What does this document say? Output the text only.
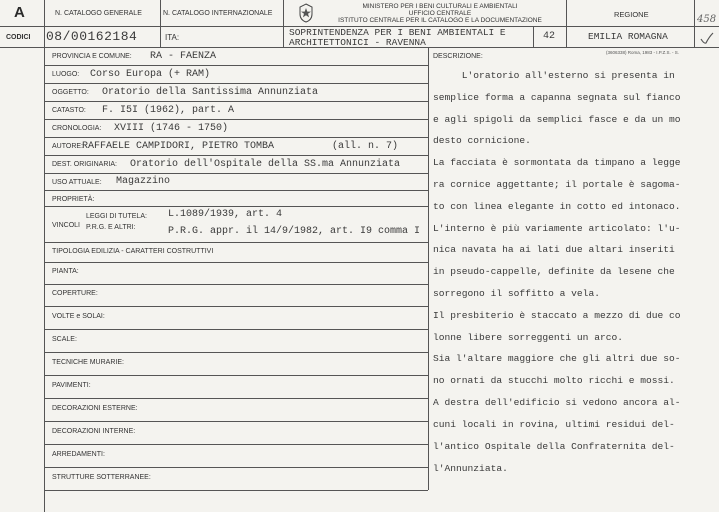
A
CODICI
N. CATALOGO GENERALE	N. CATALOGO INTERNAZIONALE
08/00162184	ITA:
MINISTERO PER I BENI CULTURALI E AMBIENTALI
UFFICIO CENTRALE
ISTITUTO CENTRALE PER IL CATALOGO E LA DOCUMENTAZIONE
SOPRINTENDENZA PER I BENI AMBIENTALI E
ARCHITETTONICI - RAVENNA
42
REGIONE
EMILIA ROMAGNA
458
(3606338) Roma, 1983 - I.P.Z.S. - S.
PROVINCIA E COMUNE: RA - FAENZA
LUOGO: Corso Europa (+ RAM)
OGGETTO: Oratorio della Santissima Annunziata
CATASTO: F. I5I (1962), part. A
CRONOLOGIA: XVIII (1746 - 1750)
AUTORE: RAFFAELE CAMPIDORI, PIETRO TOMBA	(all. n. 7)
DEST. ORIGINARIA: Oratorio dell'Ospitale della SS.ma Annunziata
USO ATTUALE: Magazzino
PROPRIETÀ:
VINCOLI
LEGGI DI TUTELA: L.1089/1939, art. 4
P.R.G. E ALTRI:	P.R.G. appr. il 14/9/1982, art. I9 comma I
TIPOLOGIA EDILIZIA - CARATTERI COSTRUTTIVI
PIANTA:
COPERTURE:
VOLTE e SOLAI:
SCALE:
TECNICHE MURARIE:
PAVIMENTI:
DECORAZIONI ESTERNE:
DECORAZIONI INTERNE:
ARREDAMENTI:
STRUTTURE SOTTERRANEE:
DESCRIZIONE:

L'oratorio all'esterno si presenta in

semplice forma a capanna segnata sul fianco

e agli spigoli da semplici fasce e da un mo

desto cornicione.

La facciata è sormontata da timpano a legge

ra cornice aggettante; il portale è sagoma-

to con linea elegante in cotto ed intonaco.

L'interno è più variamente articolato: l'u-

nica navata ha ai lati due altari inseriti

in pseudo-cappelle, definite da lesene che

sorregono il soffitto a vela.

Il presbiterio è staccato a mezzo di due co

lonne libere sorreggenti un arco.

Sia l'altare maggiore che gli altri due so-

no ornati da stucchi molto ricchi e mossi.

A destra dell'edificio si vedono ancora al-

cuni locali in rovina, ultimi residui del-

l'antico Ospitale della Confraternita del-

l'Annunziata.
